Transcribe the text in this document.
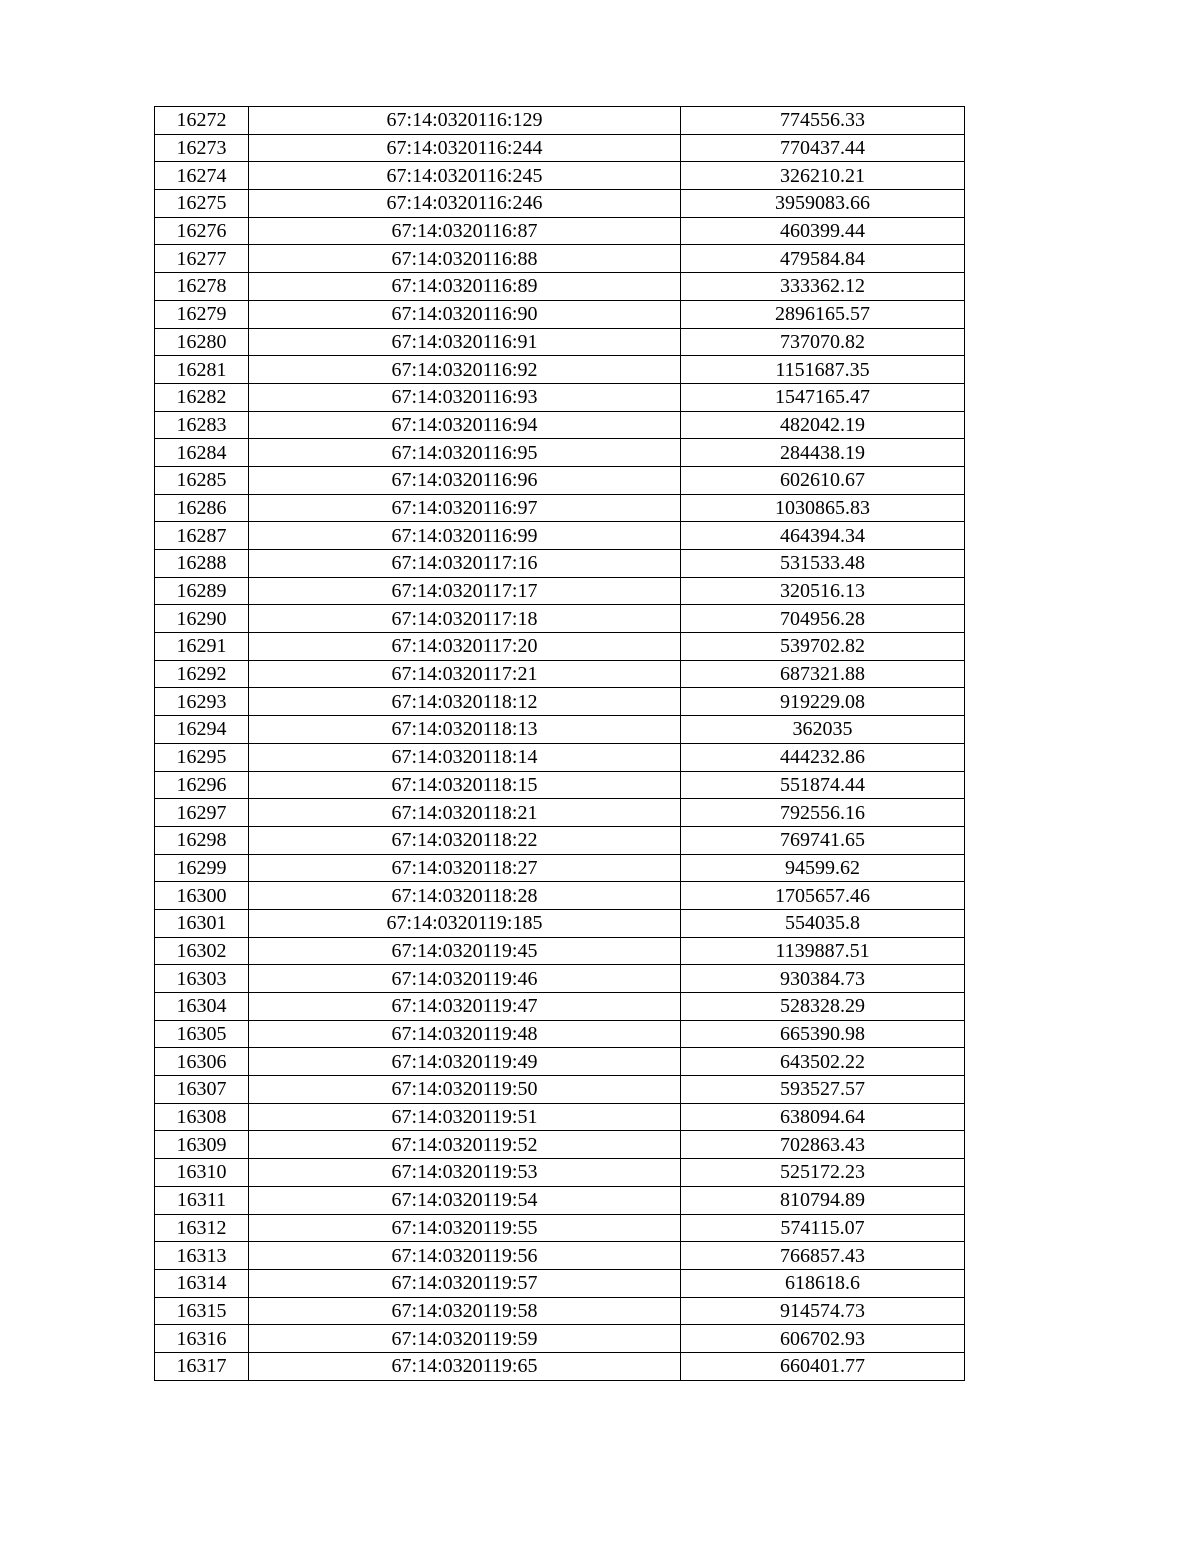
16272	67:14:0320116:129	774556.33
16273	67:14:0320116:244	770437.44
16274	67:14:0320116:245	326210.21
16275	67:14:0320116:246	3959083.66
16276	67:14:0320116:87	460399.44
16277	67:14:0320116:88	479584.84
16278	67:14:0320116:89	333362.12
16279	67:14:0320116:90	2896165.57
16280	67:14:0320116:91	737070.82
16281	67:14:0320116:92	1151687.35
16282	67:14:0320116:93	1547165.47
16283	67:14:0320116:94	482042.19
16284	67:14:0320116:95	284438.19
16285	67:14:0320116:96	602610.67
16286	67:14:0320116:97	1030865.83
16287	67:14:0320116:99	464394.34
16288	67:14:0320117:16	531533.48
16289	67:14:0320117:17	320516.13
16290	67:14:0320117:18	704956.28
16291	67:14:0320117:20	539702.82
16292	67:14:0320117:21	687321.88
16293	67:14:0320118:12	919229.08
16294	67:14:0320118:13	362035
16295	67:14:0320118:14	444232.86
16296	67:14:0320118:15	551874.44
16297	67:14:0320118:21	792556.16
16298	67:14:0320118:22	769741.65
16299	67:14:0320118:27	94599.62
16300	67:14:0320118:28	1705657.46
16301	67:14:0320119:185	554035.8
16302	67:14:0320119:45	1139887.51
16303	67:14:0320119:46	930384.73
16304	67:14:0320119:47	528328.29
16305	67:14:0320119:48	665390.98
16306	67:14:0320119:49	643502.22
16307	67:14:0320119:50	593527.57
16308	67:14:0320119:51	638094.64
16309	67:14:0320119:52	702863.43
16310	67:14:0320119:53	525172.23
16311	67:14:0320119:54	810794.89
16312	67:14:0320119:55	574115.07
16313	67:14:0320119:56	766857.43
16314	67:14:0320119:57	618618.6
16315	67:14:0320119:58	914574.73
16316	67:14:0320119:59	606702.93
16317	67:14:0320119:65	660401.77
